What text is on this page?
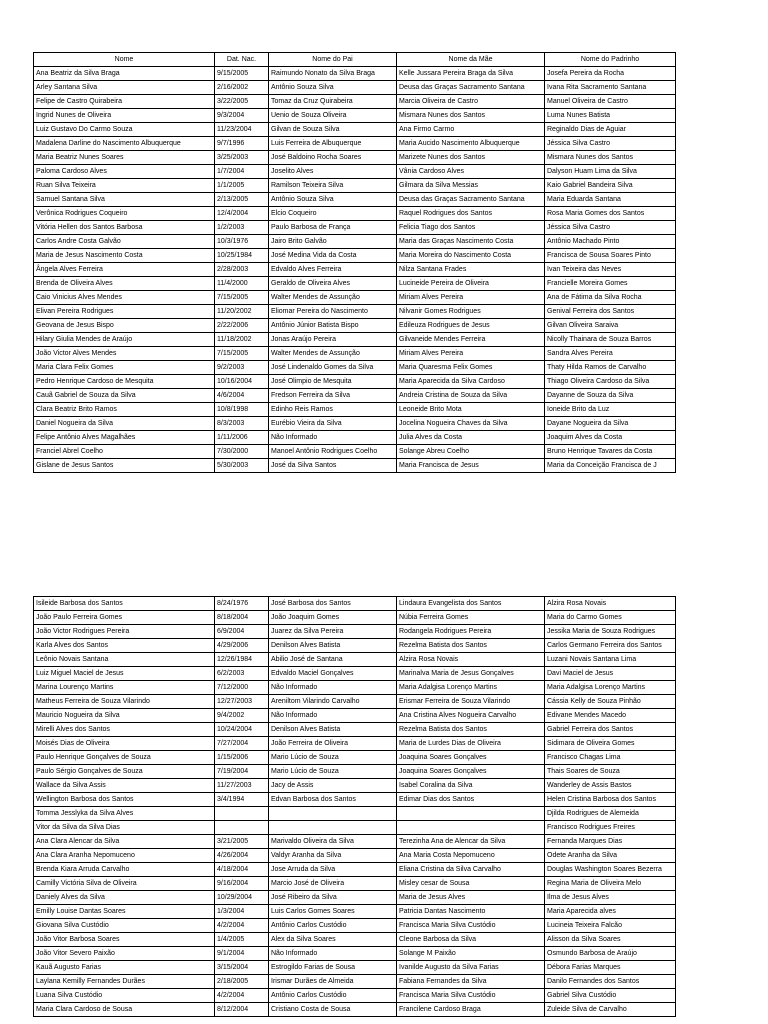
Nome	Dat. Nac.	Nome do Pai	Nome da Mãe	Nome do Padrinho
Ana Beatriz da Silva Braga	9/15/2005	Raimundo Nonato da Silva Braga	Kelle Jussara Pereira Braga da Silva	Josefa Pereira da Rocha
Arley Santana Silva	2/16/2002	Antônio Souza Silva	Deusa das Graças Sacramento Santana	Ivana Rita Sacramento Santana
Felipe de Castro Quirabeira	3/22/2005	Tomaz da Cruz Quirabeira	Marcia Oliveira de Castro	Manuel Oliveira de Castro
Ingrid Nunes de Oliveira	9/3/2004	Uenio de Souza Oliveira	Mismara Nunes dos Santos	Luma Nunes Batista
Luiz Gustavo Do Carmo Souza	11/23/2004	Gilvan de Souza Silva	Ana Firmo Carmo	Reginaldo Dias de Aguiar
Madalena Darline do Nascimento Albuquerque	9/7/1996	Luis Ferreira de Albuquerque	Maria Aucido Nascimento Albuquerque	Jéssica Silva Castro
Maria Beatriz Nunes Soares	3/25/2003	José Baldoino Rocha Soares	Marizete Nunes dos Santos	Mismara Nunes dos Santos
Paloma Cardoso Alves	1/7/2004	Joselito Alves	Vânia Cardoso Alves	Dalyson Huam Lima da Silva
Ruan Silva Teixeira	1/1/2005	Ramilson Teixeira Silva	Gilmara da Silva Messias	Kaio Gabriel Bandeira Silva
Samuel Santana Silva	2/13/2005	Antônio Souza Silva	Deusa das Graças Sacramento Santana	Maria Eduarda Santana
Verônica Rodrigues Coqueiro	12/4/2004	Elcio Coqueiro	Raquel Rodrigues dos Santos	Rosa Maria Gomes dos Santos
Vitória Hellen dos Santos Barbosa	1/2/2003	Paulo Barbosa de França	Felicia Tiago dos Santos	Jéssica Silva Castro
Carlos Andre Costa Galvão	10/3/1976	Jairo Brito Galvão	Maria das Graças Nascimento Costa	Antônio Machado Pinto
Maria de Jesus Nascimento Costa	10/25/1984	José Medina Vida da Costa	Maria Moreira do Nascimento Costa	Francisca de Sousa Soares Pinto
Ângela Alves Ferreira	2/28/2003	Edvaldo Alves Ferreira	Nilza Santana Frades	Ivan Teixeira das Neves
Brenda de Oliveira Alves	11/4/2000	Geraldo de Oliveira Alves	Lucineide Pereira de Oliveira	Francielle Moreira Gomes
Caio Vinicius Alves Mendes	7/15/2005	Walter Mendes de Assunção	Miriam Alves Pereira	Ana de Fátima da Silva Rocha
Elivan Pereira Rodrigues	11/20/2002	Eliomar Pereira do Nascimento	Nilvanir Gomes Rodrigues	Genival Ferreira dos Santos
Geovana de Jesus Bispo	2/22/2006	Antônio Júnior Batista Bispo	Edileuza Rodrigues de Jesus	Gilvan Oliveira Saraiva
Hilary Giulia Mendes de Araújo	11/18/2002	Jonas Araújo Pereira	Gilvaneide Mendes Ferreira	Nicolly Thainara de Souza Barros
João Victor Alves Mendes	7/15/2005	Walter Mendes de Assunção	Miriam Alves Pereira	Sandra Alves Pereira
Maria Clara Felix Gomes	9/2/2003	José Lindenaldo Gomes da Silva	Maria Quaresma Felix Gomes	Thaty Hilda Ramos de Carvalho
Pedro Henrique Cardoso de Mesquita	10/16/2004	José Olimpio de Mesquita	Maria Aparecida da Silva Cardoso	Thiago Oliveira Cardoso da Silva
Cauã Gabriel de Souza da Silva	4/6/2004	Fredson Ferreira da Silva	Andreia Cristina de Souza da Silva	Dayanne de Souza da Silva
Clara Beatriz Brito Ramos	10/8/1998	Edinho Reis Ramos	Leoneide Brito Mota	Ioneide Brito da Luz
Daniel Nogueira da Silva	8/3/2003	Eurébio Vieira da Silva	Jocelina Nogueira Chaves da Silva	Dayane Nogueira da Silva
Felipe Antônio Alves Magalhães	1/11/2006	Não Informado	Julia Alves da Costa	Joaquim Alves da Costa
Franciel Abrel Coelho	7/30/2000	Manoel Antônio Rodrigues Coelho	Solange Abreu Coelho	Bruno Henrique Tavares da Costa
Gislane de Jesus Santos	5/30/2003	José da Silva Santos	Maria Francisca de Jesus	Maria da Conceição Francisca de J
Isileide Barbosa dos Santos	8/24/1976	José Barbosa dos Santos	Lindaura Evangelista dos Santos	Alzira Rosa Novais
João Paulo Ferreira Gomes	8/18/2004	João Joaquim Gomes	Núbia Ferreira Gomes	Maria do Carmo Gomes
João Victor Rodrigues Pereira	6/9/2004	Juarez da Silva Pereira	Rodangela Rodrigues Pereira	Jessika Maria de Souza Rodrigues
Karla Alves dos Santos	4/29/2006	Denilson Alves Batista	Rezelma Batista dos Santos	Carlos Germano Ferreira dos Santos
Leônio Novais Santana	12/26/1984	Abilio José de Santana	Alzira Rosa Novais	Luzani Novais Santana Lima
Luiz Miguel Maciel de Jesus	6/2/2003	Edvaldo Maciel Gonçalves	Marinalva Maria de Jesus Gonçalves	Davi Maciel de Jesus
Marina Lourenço Martins	7/12/2000	Não Informado	Maria Adalgisa Lorenço Martins	Maria Adalgisa Lorenço Martins
Matheus Ferreira de Souza Vilarindo	12/27/2003	Areniltom Vilarindo Carvalho	Erismar Ferreira de Souza Vilarindo	Cássia Kelly de Souza Pinhão
Mauricio Nogueira da Silva	9/4/2002	Não Informado	Ana Cristina Alves Nogueira Carvalho	Edivane Mendes Macedo
Mirelli Alves dos Santos	10/24/2004	Denilson Alves Batista	Rezelma Batista dos Santos	Gabriel Ferreira dos Santos
Moisés Dias de Oliveira	7/27/2004	João Ferreira de Oliveira	Maria de Lurdes Dias de Oliveira	Sidimara de Oliveira Gomes
Paulo Henrique Gonçalves de Souza	1/15/2006	Mario Lúcio de Souza	Joaquina Soares Gonçalves	Francisco Chagas Lima
Paulo Sérgio Gonçalves de Souza	7/19/2004	Mario Lúcio de Souza	Joaquina Soares Gonçalves	Thais Soares de Souza
Wallace da Silva Assis	11/27/2003	Jacy de Assis	Isabel Coralina da Silva	Wanderley de Assis Bastos
Wellington Barbosa dos Santos	3/4/1994	Edvan Barbosa dos Santos	Edimar Dias dos Santos	Helen Cristina Barbosa dos Santos
Tomma Jesslyka da Silva Alves				Djilda Rodrigues de Alemeida
Vitor da Silva da Silva Dias				Francisco Rodrigues Freires
Ana Clara Alencar da Silva	3/21/2005	Marivaldo Oliveira da Silva	Terezinha Ana de Alencar da Silva	Fernanda Marques Dias
Ana Clara Aranha Nepomuceno	4/26/2004	Valdyr Aranha da Silva	Ana Maria Costa Nepomuceno	Odete Aranha da Silva
Brenda Kiara Arruda Carvalho	4/18/2004	Jose Arruda da Silva	Eliana Cristina da Silva Carvalho	Douglas Washington Soares Bezerra
Camilly Victória Silva de Oliveira	9/16/2004	Marcio José de Oliveira	Misley cesar de Sousa	Regina Maria de Oliveira Melo
Daniely Alves da Silva	10/29/2004	José Ribeiro da Silva	Maria de Jesus Alves	Ilma de Jesus Alves
Emilly Louise Dantas Soares	1/3/2004	Luis Carlos Gomes Soares	Patricia Dantas Nascimento	Maria Aparecida alves
Giovana Silva Custódio	4/2/2004	Antônio Carlos Custódio	Francisca Maria Silva Custódio	Lucineia Teixeira Falcão
João Vitor Barbosa Soares	1/4/2005	Alex da Silva Soares	Cleone Barbosa da Silva	Alisson da Silva Soares
João Vitor Severo Paixão	9/1/2004	Não Informado	Solange M Paixão	Osmundo Barbosa de Araújo
Kauã Augusto Farias	3/15/2004	Estrogildo Farias de Sousa	Ivanilde Augusto da Silva Farias	Débora Farias Marques
Laylana Kemilly Fernandes Durães	2/18/2005	Irismar Durães de Almeida	Fabiana Fernandes da Silva	Danilo Fernandes dos Santos
Luana Silva Custódio	4/2/2004	Antônio Carlos Custódio	Francisca Maria Silva Custódio	Gabriel Silva Custódio
Maria Clara Cardoso de Sousa	8/12/2004	Cristiano Costa de Sousa	Francilene Cardoso Braga	Zuleide Silva de Carvalho
